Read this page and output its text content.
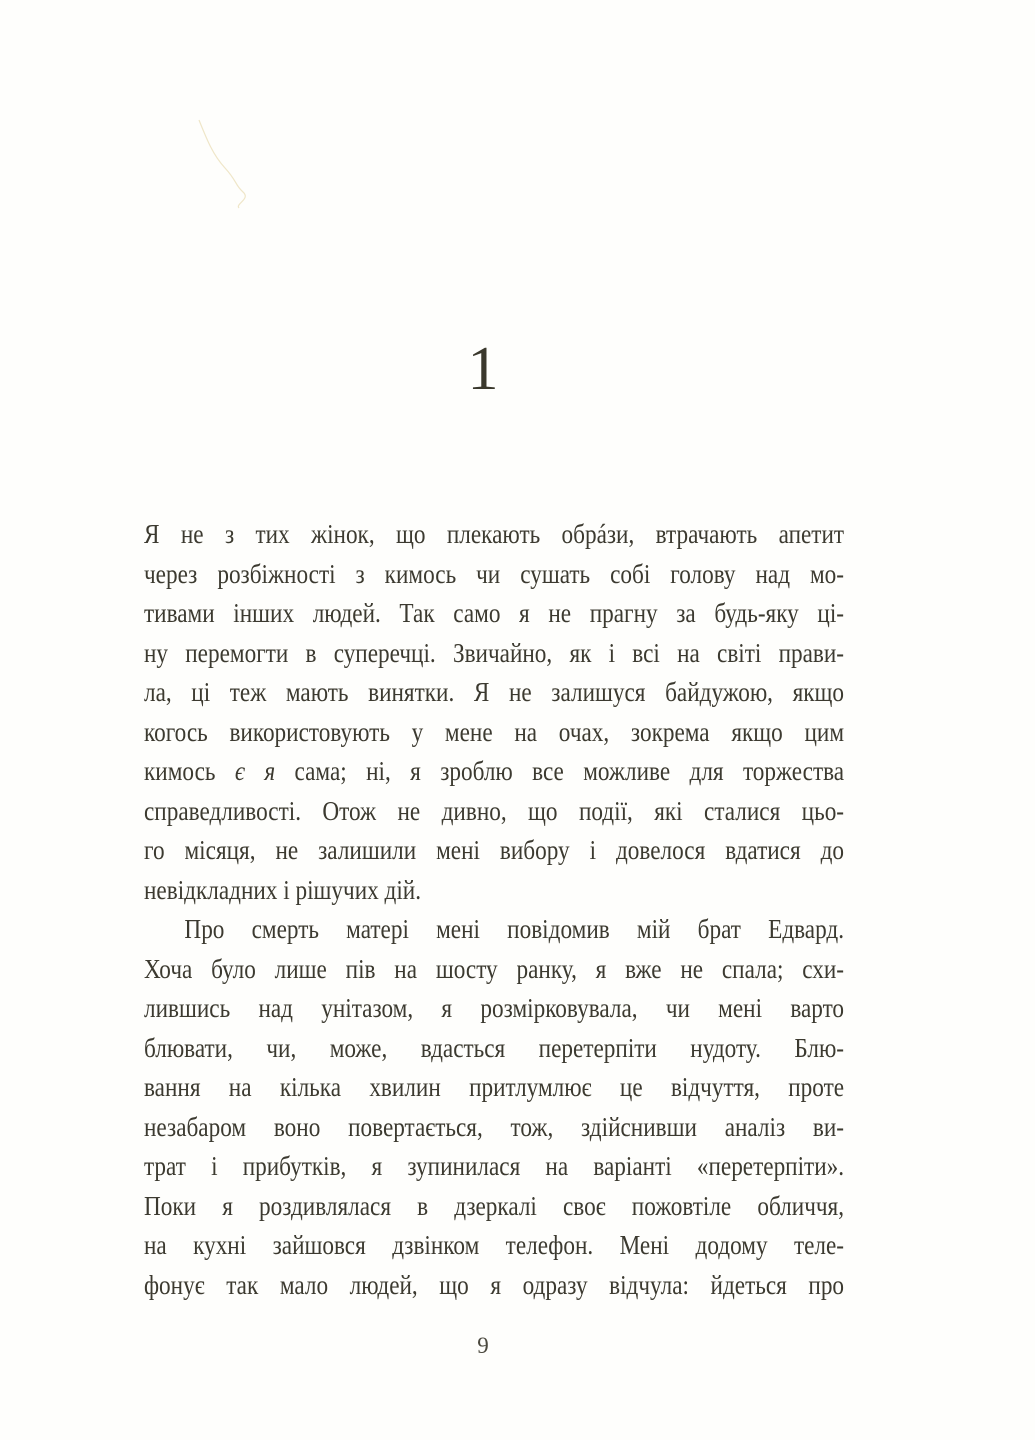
1
Я не з тих жінок, що плекають обрáзи, втрачають апетит
через розбіжності з кимось чи сушать собі голову над мо-
тивами інших людей. Так само я не прагну за будь-яку ці-
ну перемогти в суперечці. Звичайно, як і всі на світі прави-
ла, ці теж мають винятки. Я не залишуся байдужою, якщо
когось використовують у мене на очах, зокрема якщо цим
кимось є я сама; ні, я зроблю все можливе для торжества
справедливості. Отож не дивно, що події, які сталися цьо-
го місяця, не залишили мені вибору і довелося вдатися до
невідкладних і рішучих дій.
Про смерть матері мені повідомив мій брат Едвард.
Хоча було лише пів на шосту ранку, я вже не спала; схи-
лившись над унітазом, я розмірковувала, чи мені варто
блювати, чи, може, вдасться перетерпіти нудоту. Блю-
вання на кілька хвилин притлумлює це відчуття, проте
незабаром воно повертається, тож, здійснивши аналіз ви-
трат і прибутків, я зупинилася на варіанті «перетерпіти».
Поки я роздивлялася в дзеркалі своє пожовтіле обличчя,
на кухні зайшовся дзвінком телефон. Мені додому теле-
фонує так мало людей, що я одразу відчула: йдеться про
9
